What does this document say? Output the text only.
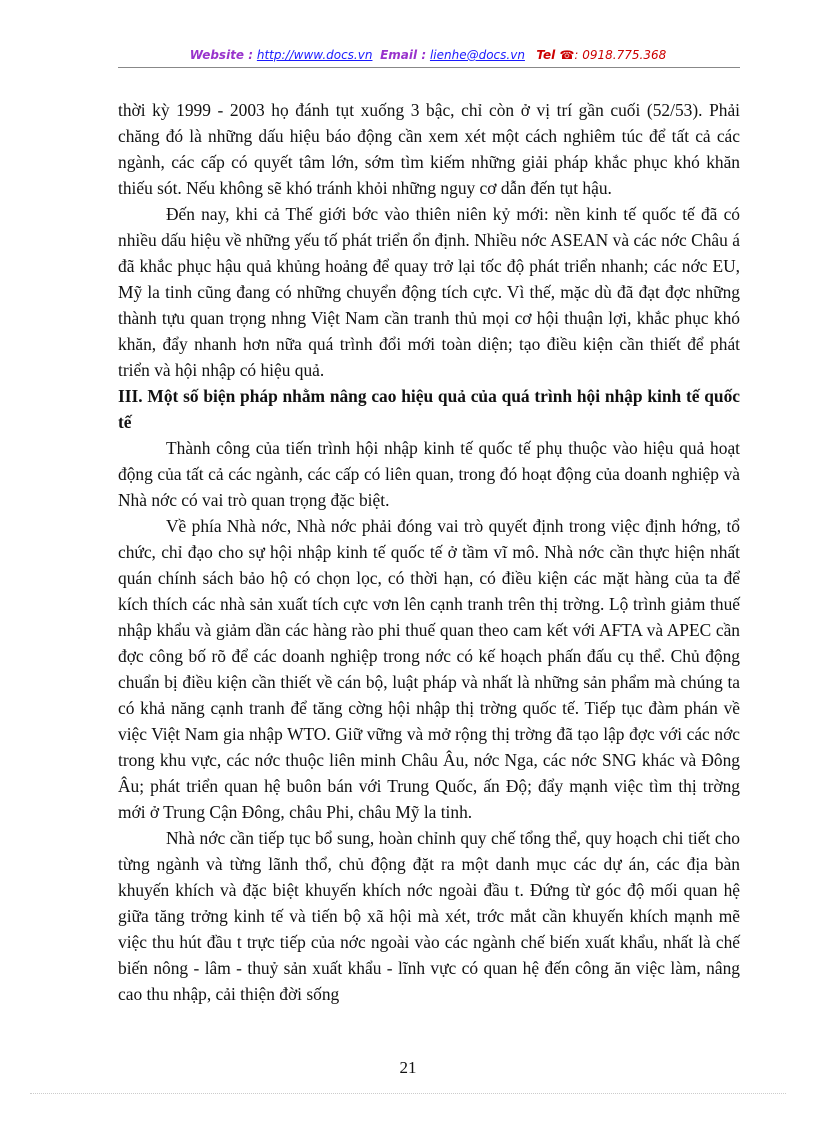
Website : http://www.docs.vn Email : lienhe@docs.vn Tel ☎: 0918.775.368

thời kỳ 1999 - 2003 họ đánh tụt xuống 3 bậc, chỉ còn ở vị trí gần cuối (52/53). Phải chăng đó là những dấu hiệu báo động cần xem xét một cách nghiêm túc để tất cả các ngành, các cấp có quyết tâm lớn, sớm tìm kiếm những giải pháp khắc phục khó khăn thiếu sót. Nếu không sẽ khó tránh khỏi những nguy cơ dẫn đến tụt hậu.

Đến nay, khi cả Thế giới bớc vào thiên niên kỷ mới: nền kinh tế quốc tế đã có nhiều dấu hiệu về những yếu tố phát triển ổn định. Nhiều nớc ASEAN và các nớc Châu á đã khắc phục hậu quả khủng hoảng để quay trở lại tốc độ phát triển nhanh; các nớc EU, Mỹ la tinh cũng đang có những chuyển động tích cực. Vì thế, mặc dù đã đạt đợc những thành tựu quan trọng nhng Việt Nam cần tranh thủ mọi cơ hội thuận lợi, khắc phục khó khăn, đẩy nhanh hơn nữa quá trình đổi mới toàn diện; tạo điều kiện cần thiết để phát triển và hội nhập có hiệu quả.

III. Một số biện pháp nhằm nâng cao hiệu quả của quá trình hội nhập kinh tế quốc tế

Thành công của tiến trình hội nhập kinh tế quốc tế phụ thuộc vào hiệu quả hoạt động của tất cả các ngành, các cấp có liên quan, trong đó hoạt động của doanh nghiệp và Nhà nớc có vai trò quan trọng đặc biệt.

Về phía Nhà nớc, Nhà nớc phải đóng vai trò quyết định trong việc định hớng, tổ chức, chỉ đạo cho sự hội nhập kinh tế quốc tế ở tầm vĩ mô. Nhà nớc cần thực hiện nhất quán chính sách bảo hộ có chọn lọc, có thời hạn, có điều kiện các mặt hàng của ta để kích thích các nhà sản xuất tích cực vơn lên cạnh tranh trên thị trờng. Lộ trình giảm thuế nhập khẩu và giảm dần các hàng rào phi thuế quan theo cam kết với AFTA và APEC cần đợc công bố rõ để các doanh nghiệp trong nớc có kế hoạch phấn đấu cụ thể. Chủ động chuẩn bị điều kiện cần thiết về cán bộ, luật pháp và nhất là những sản phẩm mà chúng ta có khả năng cạnh tranh để tăng cờng hội nhập thị trờng quốc tế. Tiếp tục đàm phán về việc Việt Nam gia nhập WTO. Giữ vững và mở rộng thị trờng đã tạo lập đợc với các nớc trong khu vực, các nớc thuộc liên minh Châu Âu, nớc Nga, các nớc SNG khác và Đông Âu; phát triển quan hệ buôn bán với Trung Quốc, ấn Độ; đẩy mạnh việc tìm thị trờng mới ở Trung Cận Đông, châu Phi, châu Mỹ la tinh.

Nhà nớc cần tiếp tục bổ sung, hoàn chỉnh quy chế tổng thể, quy hoạch chi tiết cho từng ngành và từng lãnh thổ, chủ động đặt ra một danh mục các dự án, các địa bàn khuyến khích và đặc biệt khuyến khích nớc ngoài đầu t. Đứng từ góc độ mối quan hệ giữa tăng trởng kinh tế và tiến bộ xã hội mà xét, trớc mắt cần khuyến khích mạnh mẽ việc thu hút đầu t trực tiếp của nớc ngoài vào các ngành chế biến xuất khẩu, nhất là chế biến nông - lâm - thuỷ sản xuất khẩu - lĩnh vực có quan hệ đến công ăn việc làm, nâng cao thu nhập, cải thiện đời sống

21
